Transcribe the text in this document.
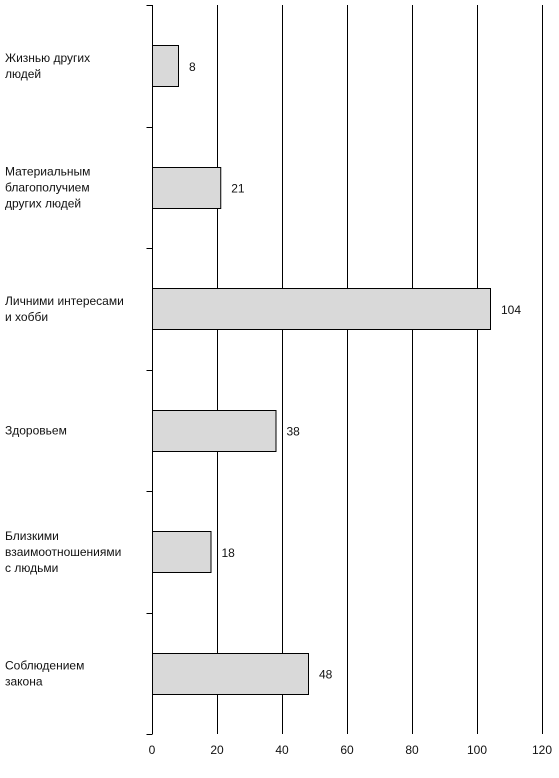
8
21
104
38
18
48
0	20	40	60	80	100	120
Жизнью других людей
Материальным благополучием других людей
Личними интересами и хобби
Здоровьем
Близкими взаимоотношениями с людьми
Соблюдением закона
